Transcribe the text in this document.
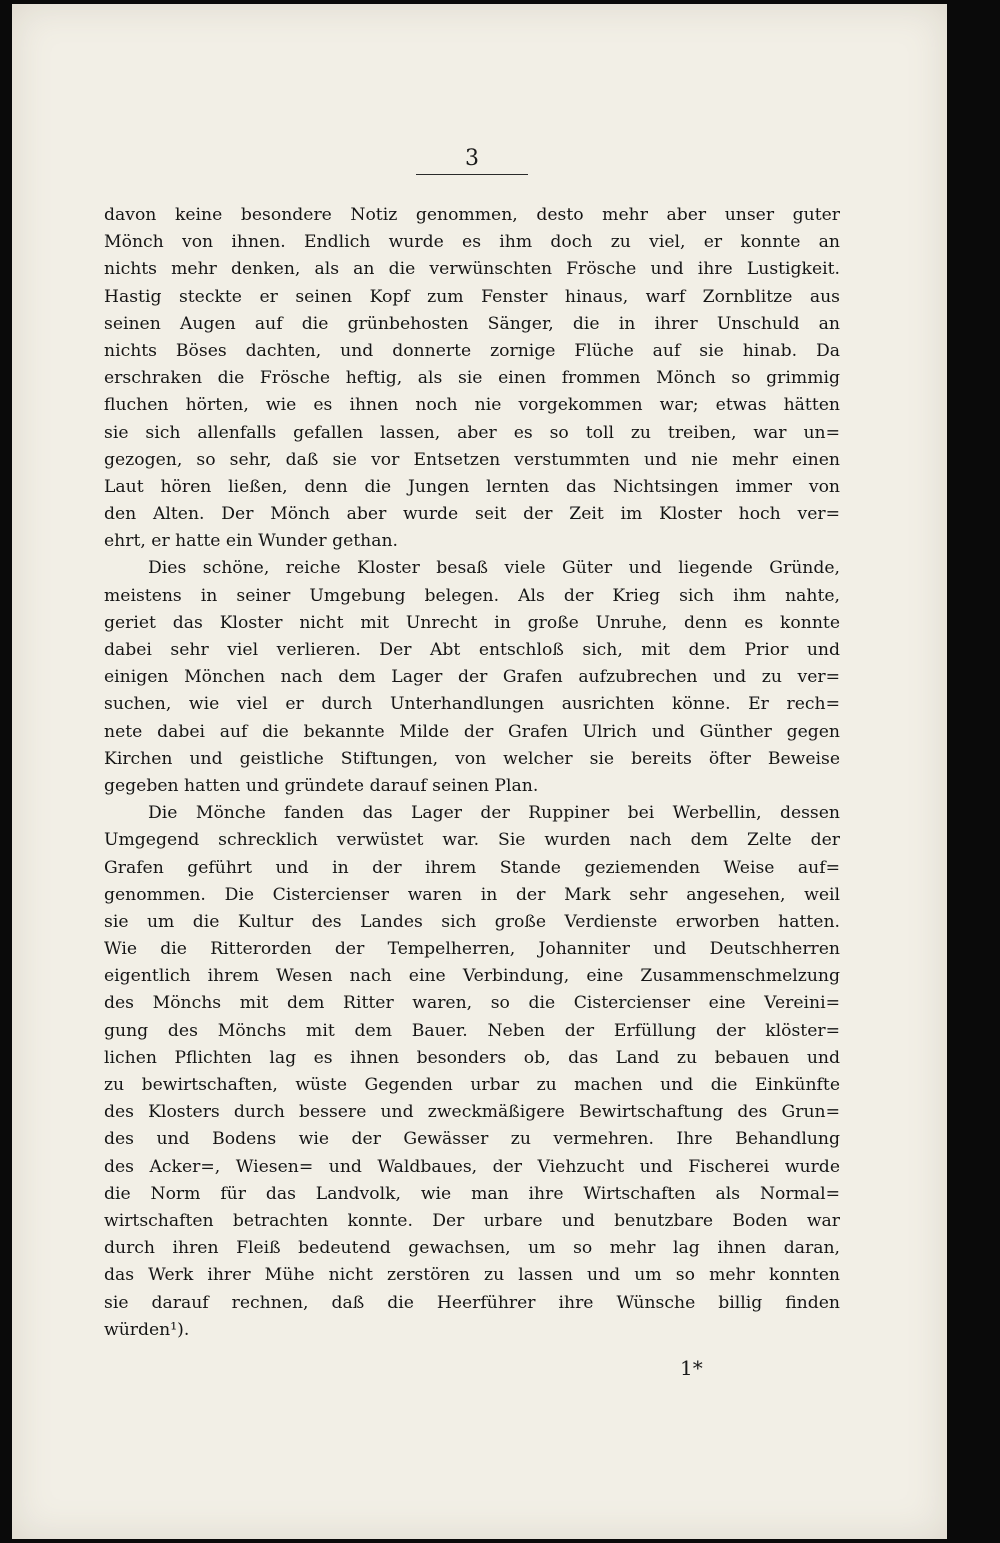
3
davon keine besondere Notiz genommen, desto mehr aber unser guter
Mönch von ihnen. Endlich wurde es ihm doch zu viel, er konnte an
nichts mehr denken, als an die verwünschten Frösche und ihre Lustigkeit.
Hastig steckte er seinen Kopf zum Fenster hinaus, warf Zornblitze aus
seinen Augen auf die grünbehosten Sänger, die in ihrer Unschuld an
nichts Böses dachten, und donnerte zornige Flüche auf sie hinab. Da
erschraken die Frösche heftig, als sie einen frommen Mönch so grimmig
fluchen hörten, wie es ihnen noch nie vorgekommen war; etwas hätten
sie sich allenfalls gefallen lassen, aber es so toll zu treiben, war un=
gezogen, so sehr, daß sie vor Entsetzen verstummten und nie mehr einen
Laut hören ließen, denn die Jungen lernten das Nichtsingen immer von
den Alten. Der Mönch aber wurde seit der Zeit im Kloster hoch ver=
ehrt, er hatte ein Wunder gethan.
Dies schöne, reiche Kloster besaß viele Güter und liegende Gründe,
meistens in seiner Umgebung belegen. Als der Krieg sich ihm nahte,
geriet das Kloster nicht mit Unrecht in große Unruhe, denn es konnte
dabei sehr viel verlieren. Der Abt entschloß sich, mit dem Prior und
einigen Mönchen nach dem Lager der Grafen aufzubrechen und zu ver=
suchen, wie viel er durch Unterhandlungen ausrichten könne. Er rech=
nete dabei auf die bekannte Milde der Grafen Ulrich und Günther gegen
Kirchen und geistliche Stiftungen, von welcher sie bereits öfter Beweise
gegeben hatten und gründete darauf seinen Plan.
Die Mönche fanden das Lager der Ruppiner bei Werbellin, dessen
Umgegend schrecklich verwüstet war. Sie wurden nach dem Zelte der
Grafen geführt und in der ihrem Stande geziemenden Weise auf=
genommen. Die Cistercienser waren in der Mark sehr angesehen, weil
sie um die Kultur des Landes sich große Verdienste erworben hatten.
Wie die Ritterorden der Tempelherren, Johanniter und Deutschherren
eigentlich ihrem Wesen nach eine Verbindung, eine Zusammenschmelzung
des Mönchs mit dem Ritter waren, so die Cistercienser eine Vereini=
gung des Mönchs mit dem Bauer. Neben der Erfüllung der klöster=
lichen Pflichten lag es ihnen besonders ob, das Land zu bebauen und
zu bewirtschaften, wüste Gegenden urbar zu machen und die Einkünfte
des Klosters durch bessere und zweckmäßigere Bewirtschaftung des Grun=
des und Bodens wie der Gewässer zu vermehren. Ihre Behandlung
des Acker=, Wiesen= und Waldbaues, der Viehzucht und Fischerei wurde
die Norm für das Landvolk, wie man ihre Wirtschaften als Normal=
wirtschaften betrachten konnte. Der urbare und benutzbare Boden war
durch ihren Fleiß bedeutend gewachsen, um so mehr lag ihnen daran,
das Werk ihrer Mühe nicht zerstören zu lassen und um so mehr konnten
sie darauf rechnen, daß die Heerführer ihre Wünsche billig finden
würden¹).
1*
